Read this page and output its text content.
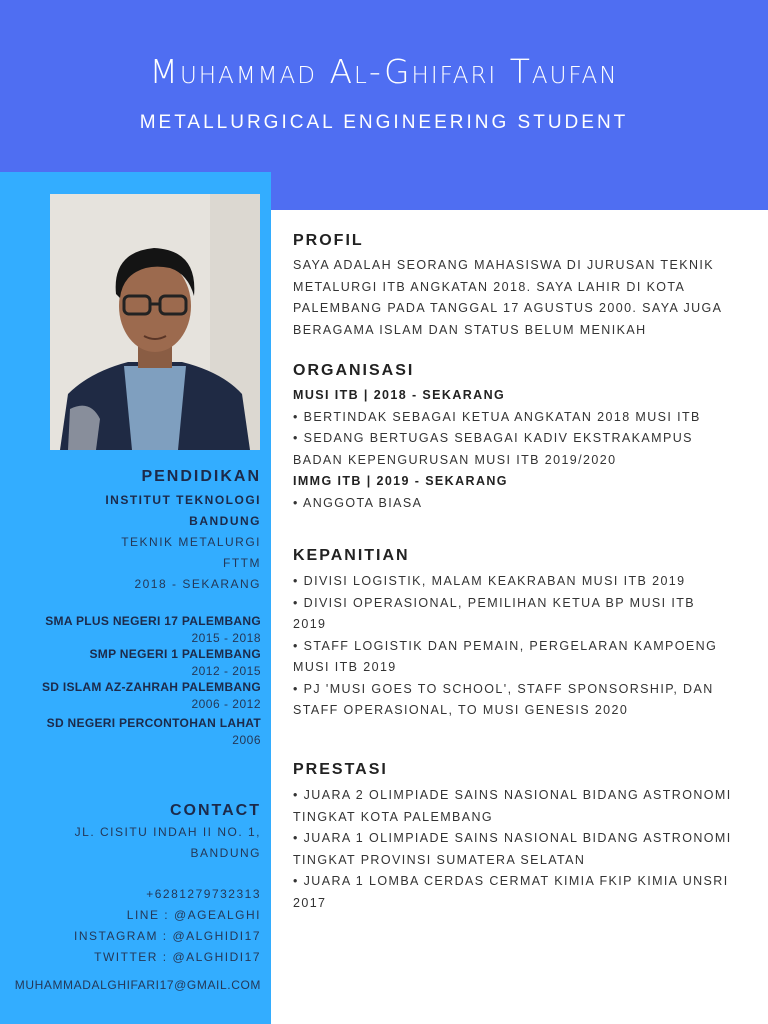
Muhammad Al-Ghifari Taufan
METALLURGICAL ENGINEERING STUDENT
PENDIDIKAN
INSTITUT TEKNOLOGI
BANDUNG
TEKNIK METALURGI
FTTM
2018 - SEKARANG
SMA PLUS NEGERI 17 PALEMBANG
2015 - 2018
SMP NEGERI 1 PALEMBANG
2012 - 2015
SD ISLAM AZ-ZAHRAH PALEMBANG
2006 - 2012
SD NEGERI PERCONTOHAN LAHAT
2006
CONTACT
JL. CISITU INDAH II NO. 1,
BANDUNG
+6281279732313
LINE : @AGEALGHI
INSTAGRAM : @ALGHIDI17
TWITTER : @ALGHIDI17
MUHAMMADALGHIFARI17@GMAIL.COM
PROFIL
SAYA ADALAH SEORANG MAHASISWA DI JURUSAN TEKNIK
METALURGI ITB ANGKATAN 2018. SAYA LAHIR DI KOTA
PALEMBANG PADA TANGGAL 17 AGUSTUS 2000. SAYA JUGA
BERAGAMA ISLAM DAN STATUS BELUM MENIKAH
ORGANISASI
MUSI ITB | 2018 - SEKARANG
• BERTINDAK SEBAGAI KETUA ANGKATAN 2018 MUSI ITB
• SEDANG BERTUGAS SEBAGAI KADIV EKSTRAKAMPUS
BADAN KEPENGURUSAN MUSI ITB 2019/2020
IMMG ITB | 2019 - SEKARANG
• ANGGOTA BIASA
KEPANITIAN
• DIVISI LOGISTIK, MALAM KEAKRABAN MUSI ITB 2019
• DIVISI OPERASIONAL, PEMILIHAN KETUA BP MUSI ITB
2019
• STAFF LOGISTIK DAN PEMAIN, PERGELARAN KAMPOENG
MUSI ITB 2019
• PJ 'MUSI GOES TO SCHOOL', STAFF SPONSORSHIP, DAN
STAFF OPERASIONAL, TO MUSI GENESIS 2020
PRESTASI
• JUARA 2 OLIMPIADE SAINS NASIONAL BIDANG ASTRONOMI
TINGKAT KOTA PALEMBANG
• JUARA 1 OLIMPIADE SAINS NASIONAL BIDANG ASTRONOMI
TINGKAT PROVINSI SUMATERA SELATAN
• JUARA 1 LOMBA CERDAS CERMAT KIMIA FKIP KIMIA UNSRI
2017
